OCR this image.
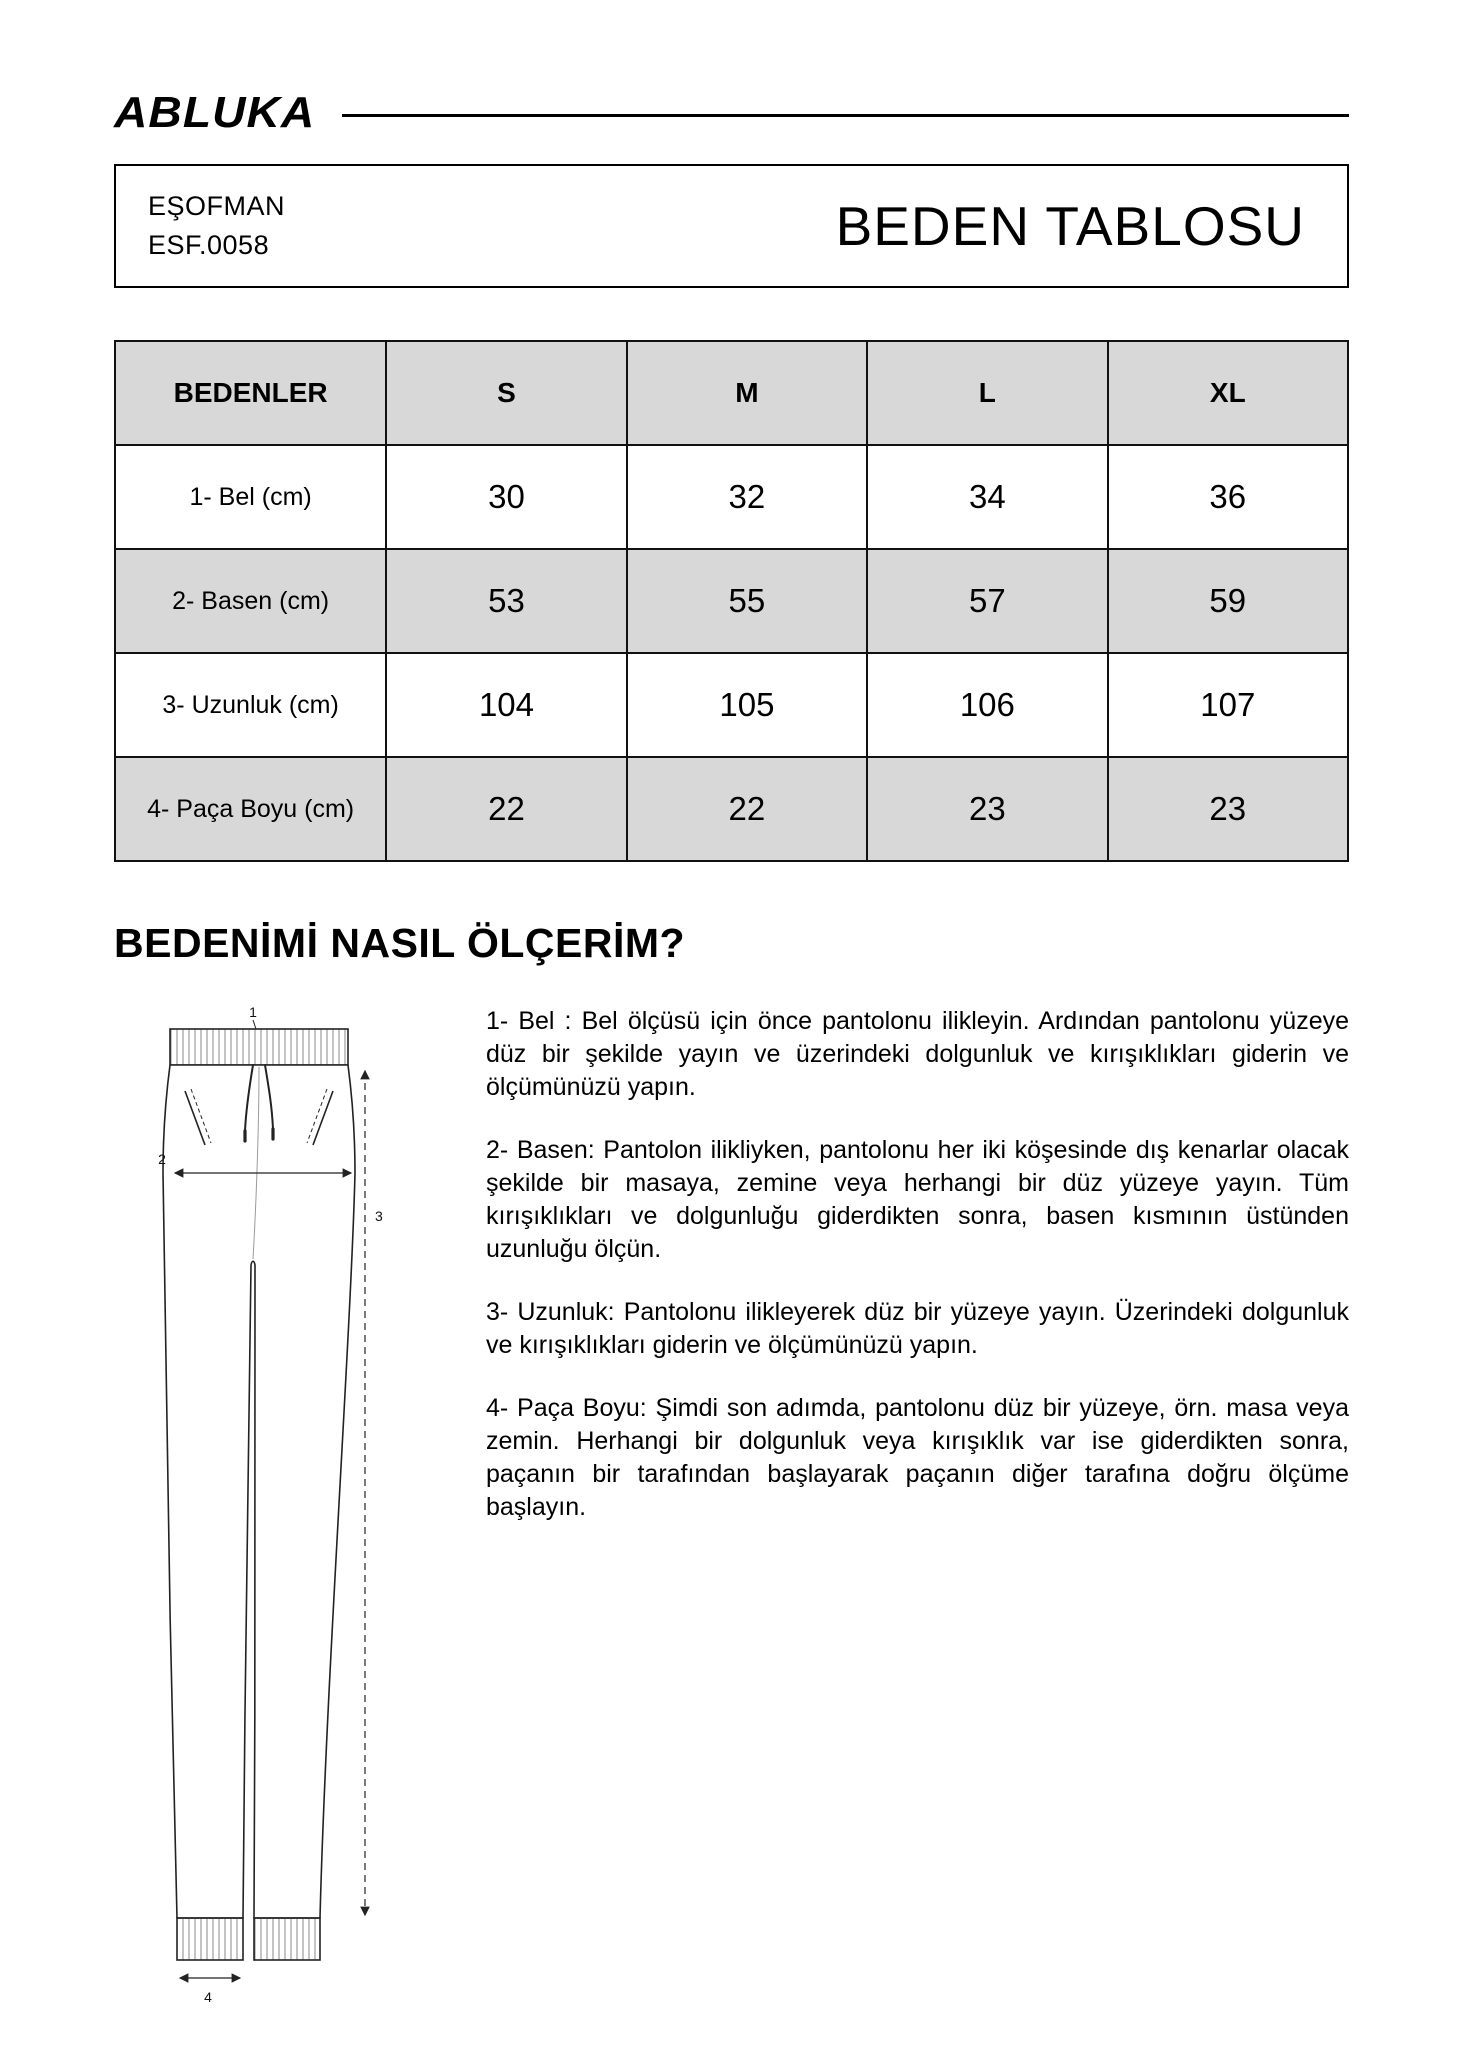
ABLUKA
EŞOFMAN
ESF.0058	BEDEN TABLOSU
BEDENLER	S	M	L	XL
1- Bel (cm)	30	32	34	36
2- Basen (cm)	53	55	57	59
3- Uzunluk (cm)	104	105	106	107
4- Paça Boyu (cm)	22	22	23	23
BEDENİMİ NASIL ÖLÇERİM?
1
2
3
4

1- Bel : Bel ölçüsü için önce pantolonu ilikleyin. Ardından pantolonu yüzeye düz bir şekilde yayın ve üzerindeki dolgunluk ve kırışıklıkları giderin ve ölçümünüzü yapın.

2- Basen: Pantolon ilikliyken, pantolonu her iki köşesinde dış kenarlar olacak şekilde bir masaya, zemine veya herhangi bir düz yüzeye yayın. Tüm kırışıklıkları ve dolgunluğu giderdikten sonra, basen kısmının üstünden uzunluğu ölçün.

3- Uzunluk: Pantolonu ilikleyerek düz bir yüzeye yayın. Üzerindeki dolgunluk ve kırışıklıkları giderin ve ölçümünüzü yapın.

4- Paça Boyu: Şimdi son adımda, pantolonu düz bir yüzeye, örn. masa veya zemin. Herhangi bir dolgunluk veya kırışıklık var ise giderdikten sonra, paçanın bir tarafından başlayarak paçanın diğer tarafına doğru ölçüme başlayın.
